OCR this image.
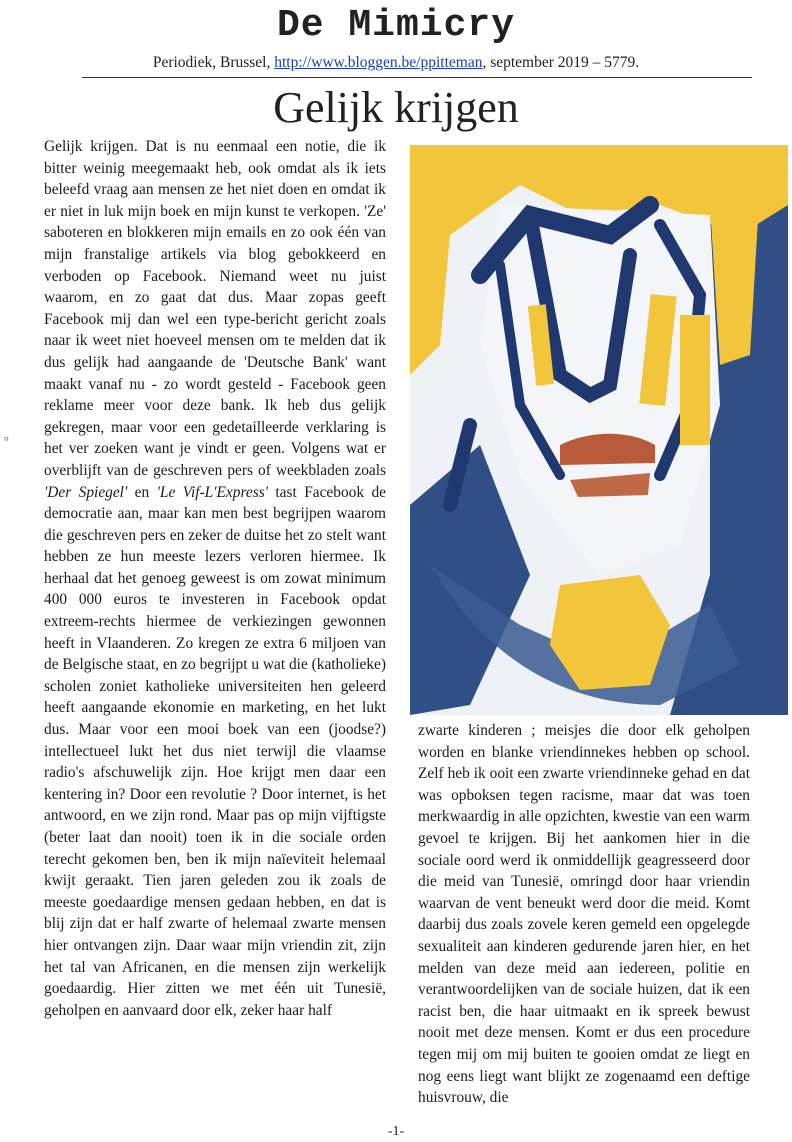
De Mimicry
Periodiek, Brussel, http://www.bloggen.be/ppitteman, september 2019 – 5779.
Gelijk krijgen

Gelijk krijgen. Dat is nu eenmaal een notie, die ik bitter weinig meegemaakt heb, ook omdat als ik iets beleefd vraag aan mensen ze het niet doen en omdat ik er niet in luk mijn boek en mijn kunst te verkopen. 'Ze' saboteren en blokkeren mijn emails en zo ook één van mijn franstalige artikels via blog gebokkeerd en verboden op Facebook. Niemand weet nu juist waarom, en zo gaat dat dus. Maar zopas geeft Facebook mij dan wel een type-bericht gericht zoals naar ik weet niet hoeveel mensen om te melden dat ik dus gelijk had aangaande de 'Deutsche Bank' want maakt vanaf nu - zo wordt gesteld - Facebook geen reklame meer voor deze bank. Ik heb dus gelijk gekregen, maar voor een gedetailleerde verklaring is het ver zoeken want je vindt er geen. Volgens wat er overblijft van de geschreven pers of weekbladen zoals 'Der Spiegel' en 'Le Vif-L'Express' tast Facebook de democratie aan, maar kan men best begrijpen waarom die geschreven pers en zeker de duitse het zo stelt want hebben ze hun meeste lezers verloren hiermee. Ik herhaal dat het genoeg geweest is om zowat minimum 400 000 euros te investeren in Facebook opdat extreem-rechts hiermee de verkiezingen gewonnen heeft in Vlaanderen. Zo kregen ze extra 6 miljoen van de Belgische staat, en zo begrijpt u wat die (katholieke) scholen zoniet katholieke universiteiten hen geleerd heeft aangaande ekonomie en marketing, en het lukt dus. Maar voor een mooi boek van een (joodse?) intellectueel lukt het dus niet terwijl die vlaamse radio's afschuwelijk zijn. Hoe krijgt men daar een kentering in? Door een revolutie ? Door internet, is het antwoord, en we zijn rond. Maar pas op mijn vijftigste (beter laat dan nooit) toen ik in die sociale orden terecht gekomen ben, ben ik mijn naïeviteit helemaal kwijt geraakt. Tien jaren geleden zou ik zoals de meeste goedaardige mensen gedaan hebben, en dat is blij zijn dat er half zwarte of helemaal zwarte mensen hier ontvangen zijn. Daar waar mijn vriendin zit, zijn het tal van Africanen, en die mensen zijn werkelijk goedaardig. Hier zitten we met één uit Tunesië, geholpen en aanvaard door elk, zeker haar half

zwarte kinderen ; meisjes die door elk geholpen worden en blanke vriendinnekes hebben op school. Zelf heb ik ooit een zwarte vriendinneke gehad en dat was opboksen tegen racisme, maar dat was toen merkwaardig in alle opzichten, kwestie van een warm gevoel te krijgen. Bij het aankomen hier in die sociale oord werd ik onmiddellijk geagresseerd door die meid van Tunesië, omringd door haar vriendin waarvan de vent beneukt werd door die meid. Komt daarbij dus zoals zovele keren gemeld een opgelegde sexualiteit aan kinderen gedurende jaren hier, en het melden van deze meid aan iedereen, politie en verantwoordelijken van de sociale huizen, dat ik een racist ben, die haar uitmaakt en ik spreek bewust nooit met deze mensen. Komt er dus een procedure tegen mij om mij buiten te gooien omdat ze liegt en nog eens liegt want blijkt ze zogenaamd een deftige huisvrouw, die

°
-1-
